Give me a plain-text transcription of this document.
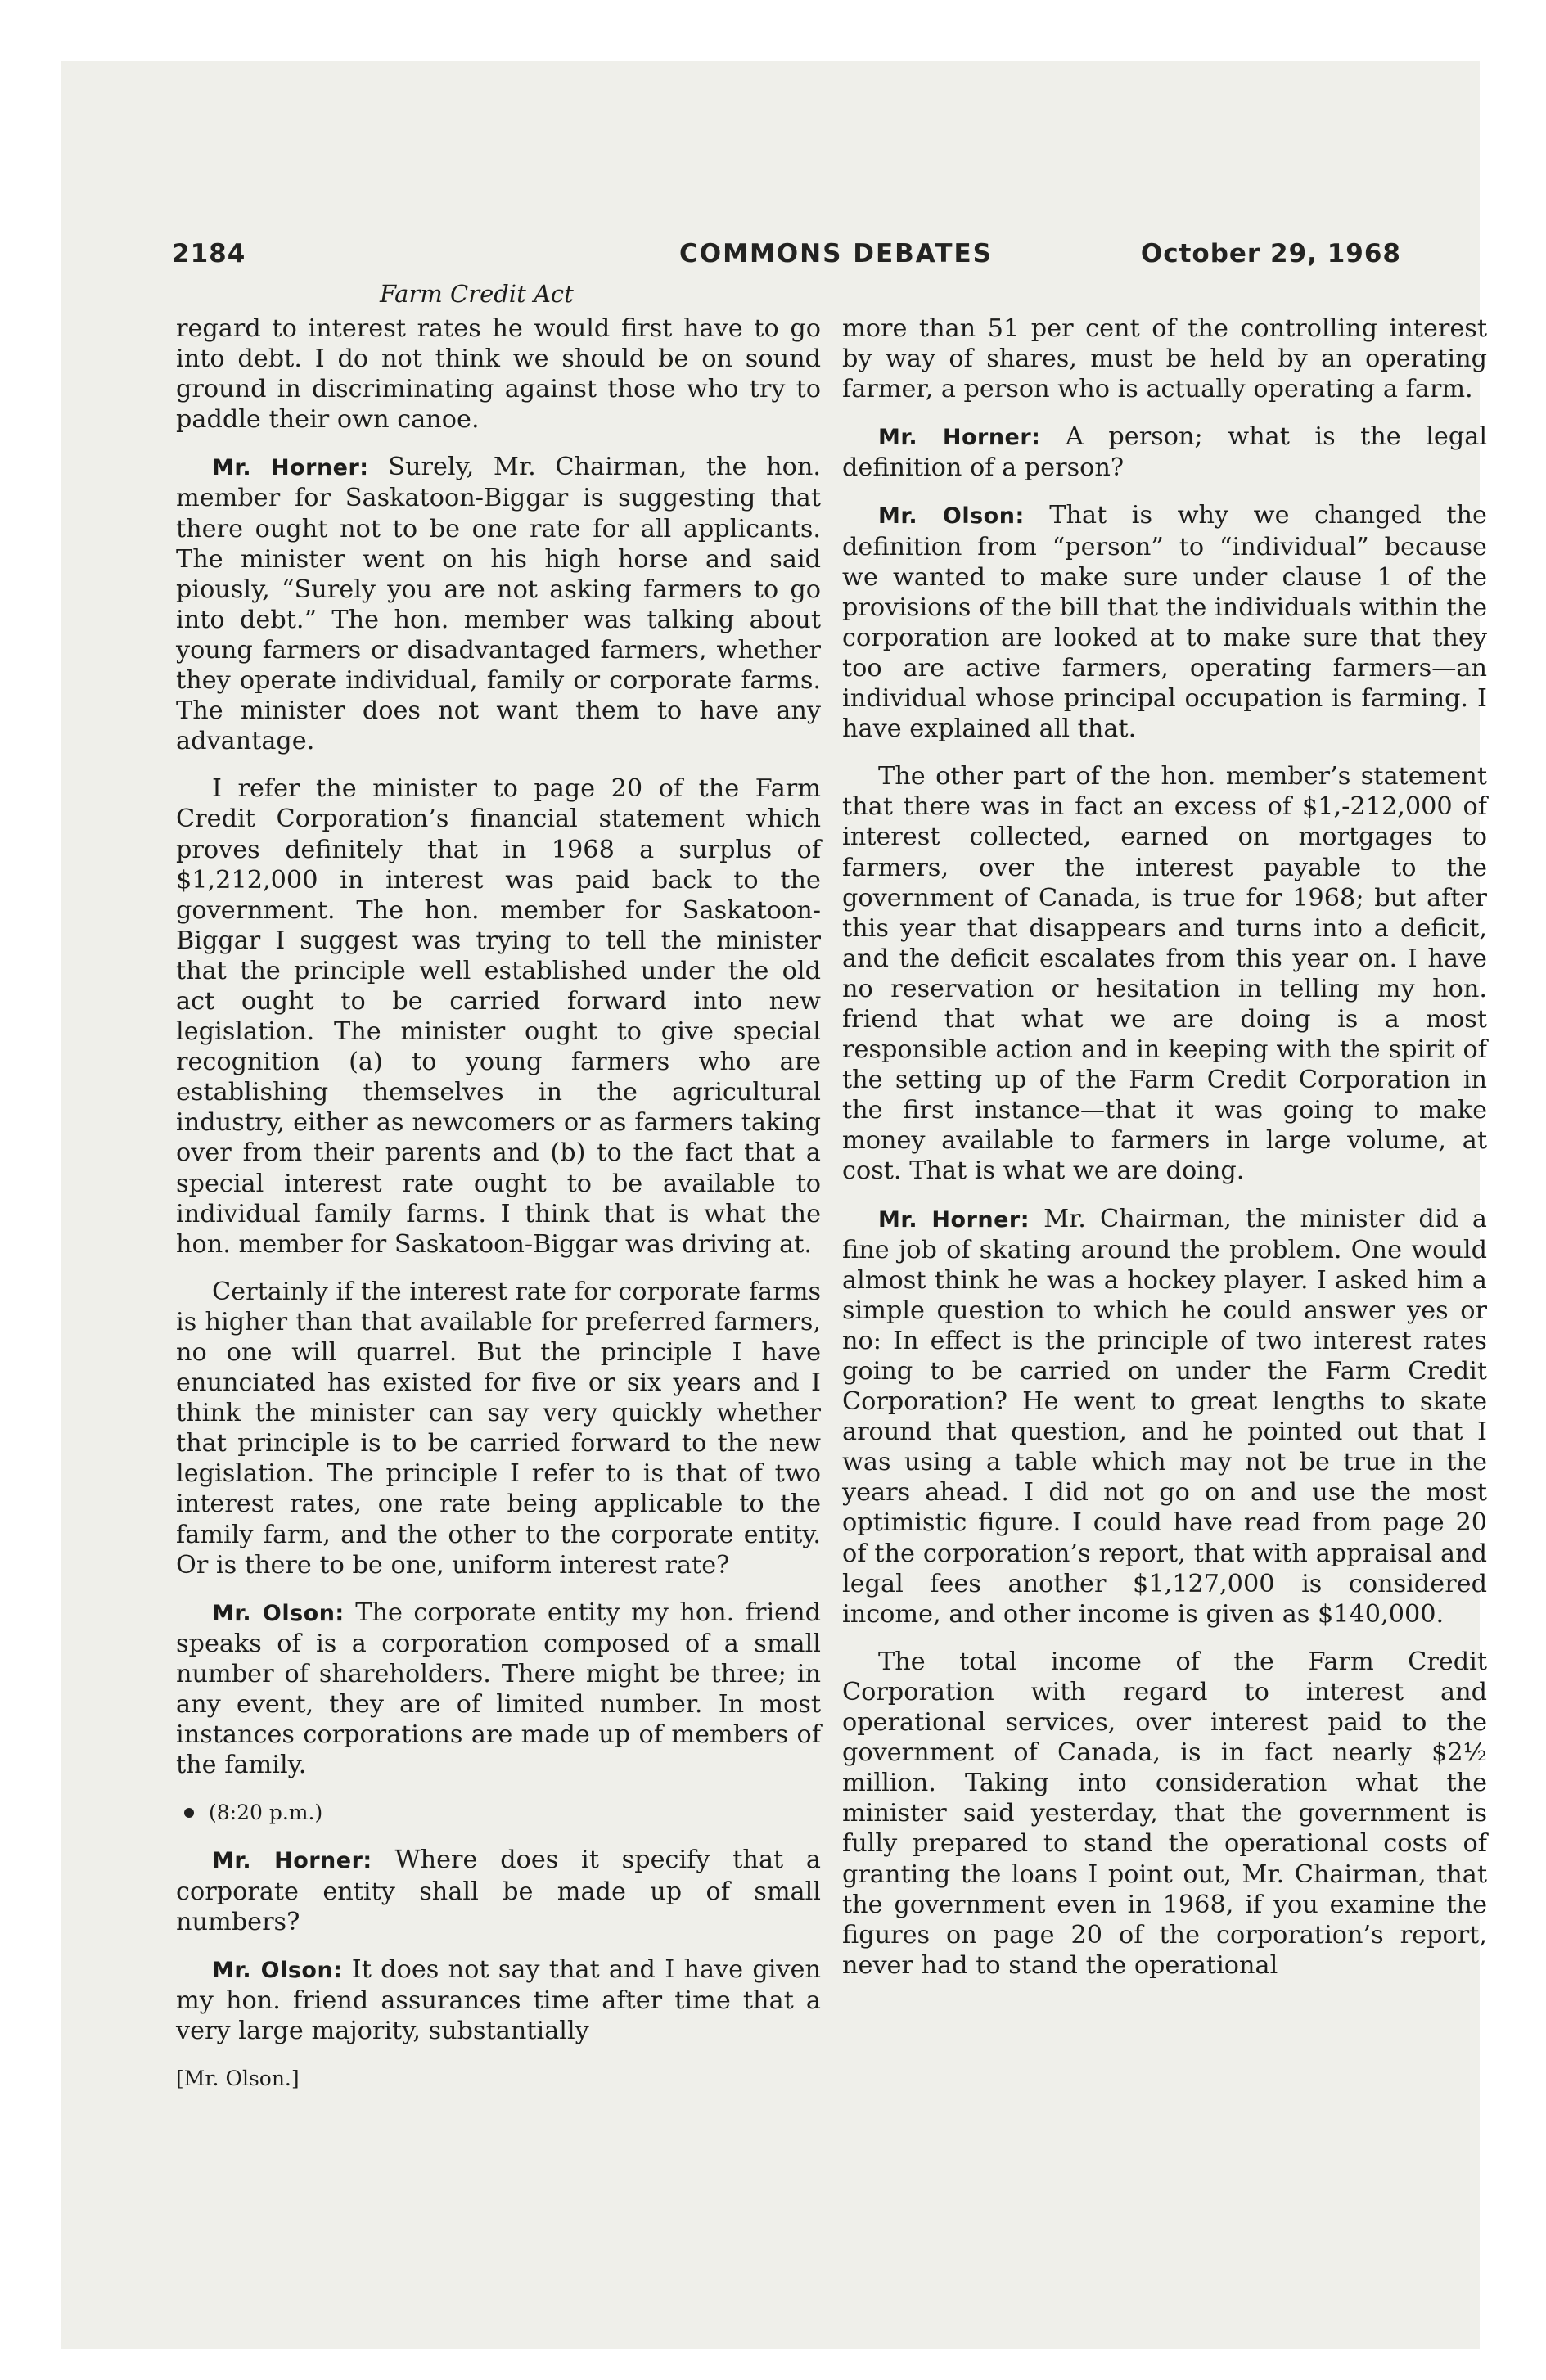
2184	COMMONS DEBATES	October 29, 1968
Farm Credit Act

regard to interest rates he would first have to go into debt. I do not think we should be on sound ground in discriminating against those who try to paddle their own canoe.

Mr. Horner: Surely, Mr. Chairman, the hon. member for Saskatoon-Biggar is suggesting that there ought not to be one rate for all applicants. The minister went on his high horse and said piously, “Surely you are not asking farmers to go into debt.” The hon. member was talking about young farmers or disadvantaged farmers, whether they operate individual, family or corporate farms. The minister does not want them to have any advantage.

I refer the minister to page 20 of the Farm Credit Corporation’s financial statement which proves definitely that in 1968 a surplus of $1,212,000 in interest was paid back to the government. The hon. member for Saskatoon-Biggar I suggest was trying to tell the minister that the principle well established under the old act ought to be carried forward into new legislation. The minister ought to give special recognition (a) to young farmers who are establishing themselves in the agricultural industry, either as newcomers or as farmers taking over from their parents and (b) to the fact that a special interest rate ought to be available to individual family farms. I think that is what the hon. member for Saskatoon-Biggar was driving at.

Certainly if the interest rate for corporate farms is higher than that available for preferred farmers, no one will quarrel. But the principle I have enunciated has existed for five or six years and I think the minister can say very quickly whether that principle is to be carried forward to the new legislation. The principle I refer to is that of two interest rates, one rate being applicable to the family farm, and the other to the corporate entity. Or is there to be one, uniform interest rate?

Mr. Olson: The corporate entity my hon. friend speaks of is a corporation composed of a small number of shareholders. There might be three; in any event, they are of limited number. In most instances corporations are made up of members of the family.

(8:20 p.m.)

Mr. Horner: Where does it specify that a corporate entity shall be made up of small numbers?

Mr. Olson: It does not say that and I have given my hon. friend assurances time after time that a very large majority, substantially

[Mr. Olson.]

more than 51 per cent of the controlling interest by way of shares, must be held by an operating farmer, a person who is actually operating a farm.

Mr. Horner: A person; what is the legal definition of a person?

Mr. Olson: That is why we changed the definition from “person” to “individual” because we wanted to make sure under clause 1 of the provisions of the bill that the individuals within the corporation are looked at to make sure that they too are active farmers, operating farmers—an individual whose principal occupation is farming. I have explained all that.

The other part of the hon. member’s statement that there was in fact an excess of $1,-212,000 of interest collected, earned on mortgages to farmers, over the interest payable to the government of Canada, is true for 1968; but after this year that disappears and turns into a deficit, and the deficit escalates from this year on. I have no reservation or hesitation in telling my hon. friend that what we are doing is a most responsible action and in keeping with the spirit of the setting up of the Farm Credit Corporation in the first instance—that it was going to make money available to farmers in large volume, at cost. That is what we are doing.

Mr. Horner: Mr. Chairman, the minister did a fine job of skating around the problem. One would almost think he was a hockey player. I asked him a simple question to which he could answer yes or no: In effect is the principle of two interest rates going to be carried on under the Farm Credit Corporation? He went to great lengths to skate around that question, and he pointed out that I was using a table which may not be true in the years ahead. I did not go on and use the most optimistic figure. I could have read from page 20 of the corporation’s report, that with appraisal and legal fees another $1,127,000 is considered income, and other income is given as $140,000.

The total income of the Farm Credit Corporation with regard to interest and operational services, over interest paid to the government of Canada, is in fact nearly $2½ million. Taking into consideration what the minister said yesterday, that the government is fully prepared to stand the operational costs of granting the loans I point out, Mr. Chairman, that the government even in 1968, if you examine the figures on page 20 of the corporation’s report, never had to stand the operational
